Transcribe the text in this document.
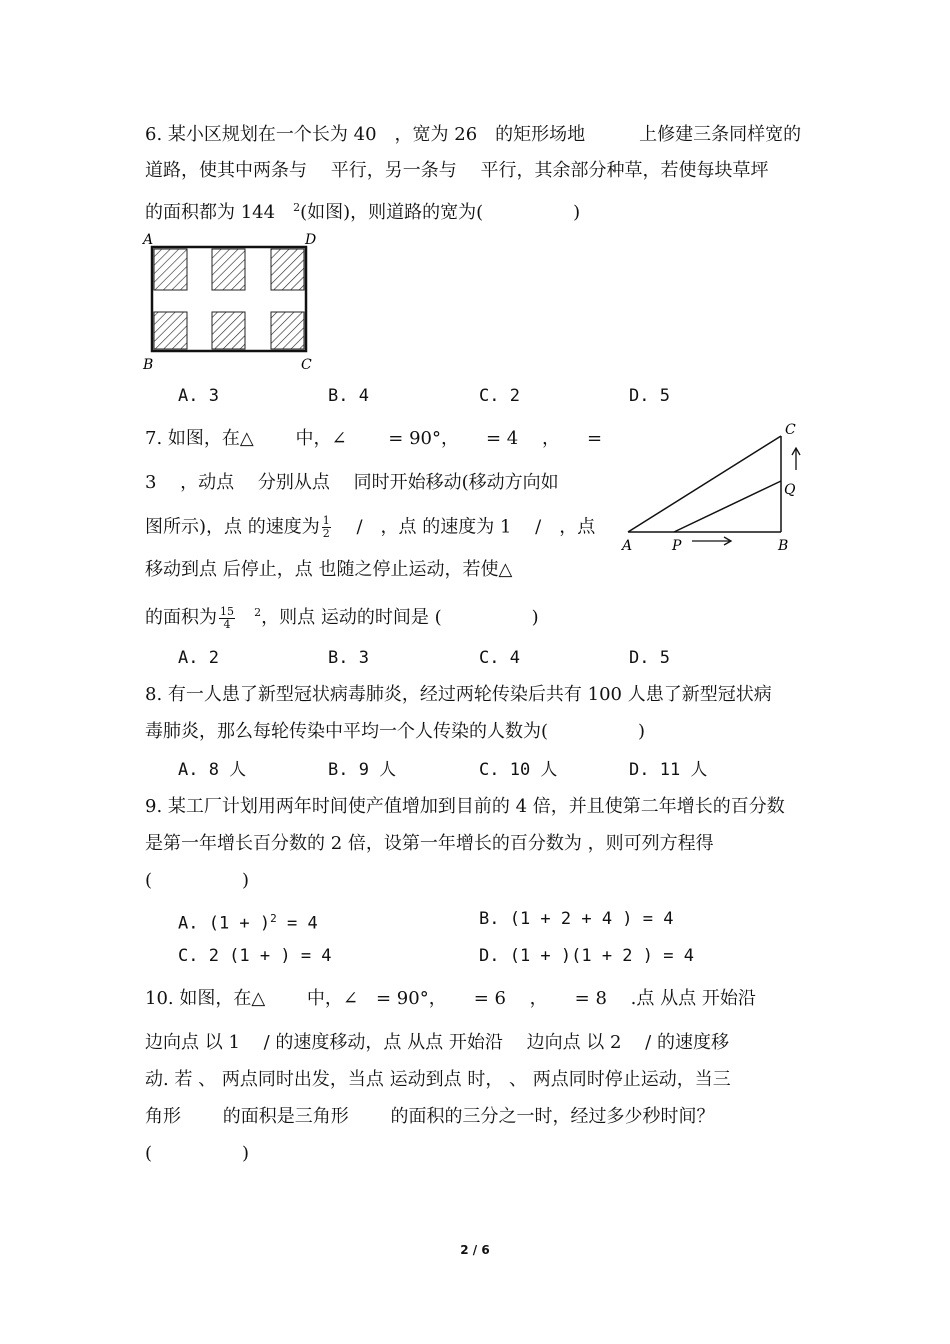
6. 某小区规划在一个长为 40　，宽为 26　的矩形场地　　　上修建三条同样宽的
道路，使其中两条与　 平行，另一条与　 平行，其余部分种草，若使每块草坪
的面积都为 144　$^2$(如图)，则道路的宽为(　　　　　)
A	D
B	C
A. 3	B. 4	C. 2	D. 5
7. 如图，在△　　 中，∠　　 = 90°，　　= 4　 ，　　=
3　 ，动点　 分别从点　 同时开始移动(移动方向如
图所示)，点 的速度为 $\frac{1}{2}$ 　 /　，点 的速度为 1　 /　，点
移动到点 后停止，点 也随之停止运动，若使△
的面积为 $\frac{15}{4} ^2$，则点 运动的时间是 (　　　　　)
C
Q
A	P	B
A. 2	B. 3	C. 4	D. 5
8. 有一人患了新型冠状病毒肺炎，经过两轮传染后共有 100 人患了新型冠状病
毒肺炎，那么每轮传染中平均一个人传染的人数为(　　　　　)
A. 8 人	B. 9 人	C. 10 人	D. 11 人
9. 某工厂计划用两年时间使产值增加到目前的 4 倍，并且使第二年增长的百分数
是第一年增长百分数的 2 倍，设第一年增长的百分数为 ，则可列方程得
(　　　　　)
A. $(1 + )^2 = 4$	B. (1 + 2 + 4 ) = 4
C. 2 (1 + ) = 4	D. (1 + )(1 + 2 ) = 4
10. 如图，在△　　 中，∠　= 90°，　　= 6　 ，　　= 8　 .点 从点 开始沿
边向点 以 1　 / 的速度移动，点 从点 开始沿　 边向点 以 2　 / 的速度移
动. 若 、 两点同时出发，当点 运动到点 时， 、 两点同时停止运动，当三
角形　　 的面积是三角形　　 的面积的三分之一时，经过多少秒时间？
(　　　　　)
2 / 6
